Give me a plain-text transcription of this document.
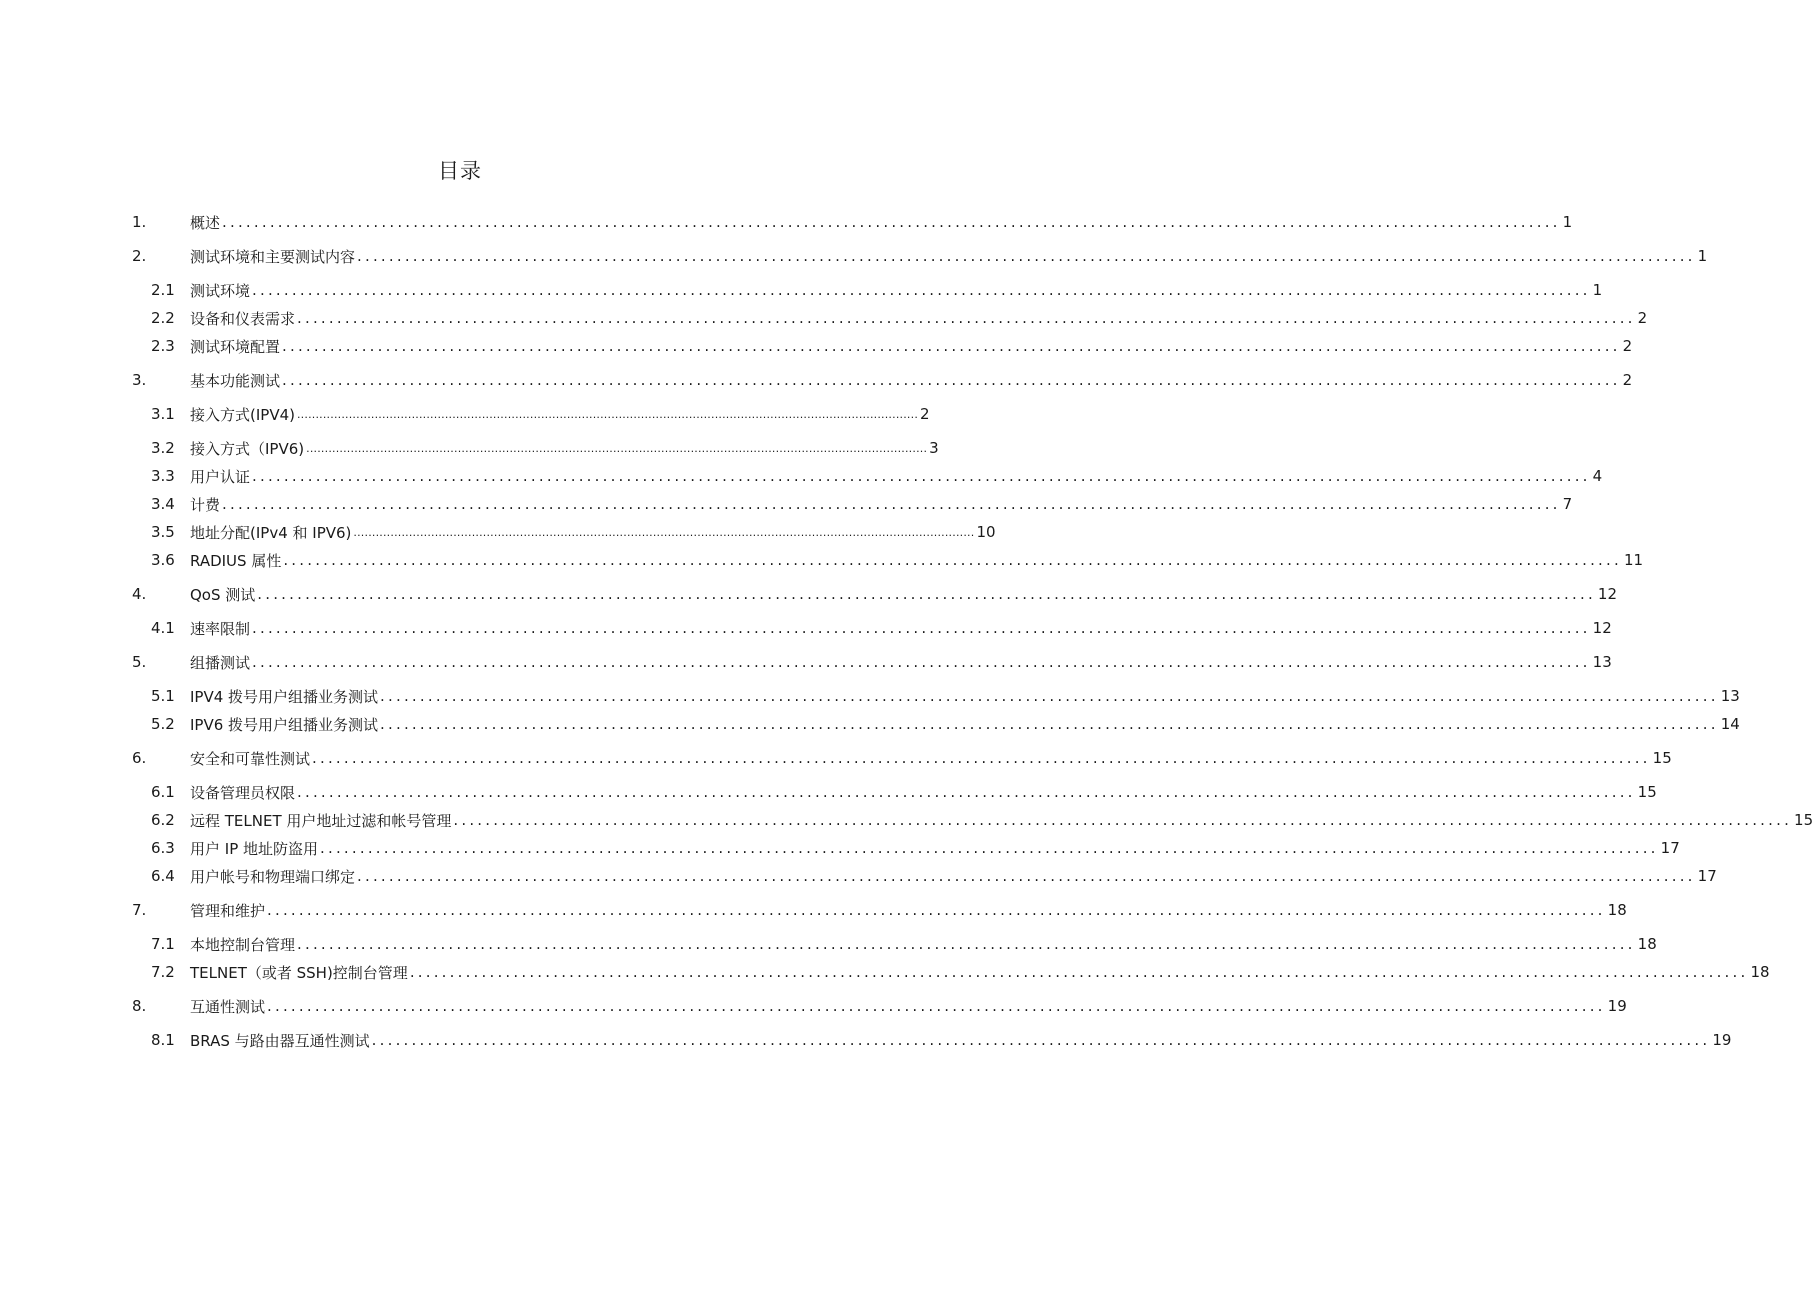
目录
1.	概述 ........................................................................................................................................................................ 1
2.	测试环境和主要测试内容 ........................................................................................................................................................................ 1
2.1 测试环境 ........................................................................................................................................................................ 1
2.2 设备和仪表需求 ........................................................................................................................................................................ 2
2.3 测试环境配置 ........................................................................................................................................................................ 2
3.	基本功能测试 ........................................................................................................................................................................ 2
3.1 接入方式(IPV4) ........................................................................................................................................................................ 2
3.2 接入方式（IPV6) ........................................................................................................................................................................ 3
3.3 用户认证 ........................................................................................................................................................................ 4
3.4 计费 ........................................................................................................................................................................ 7
3.5 地址分配(IPv4 和 IPV6) ........................................................................................................................................................................ 10
3.6 RADIUS 属性 ........................................................................................................................................................................ 11
4.	QoS 测试 ........................................................................................................................................................................ 12
4.1 速率限制 ........................................................................................................................................................................ 12
5.	组播测试 ........................................................................................................................................................................ 13
5.1 IPV4 拨号用户组播业务测试 ........................................................................................................................................................................ 13
5.2 IPV6 拨号用户组播业务测试 ........................................................................................................................................................................ 14
6.	安全和可靠性测试 ........................................................................................................................................................................ 15
6.1 设备管理员权限 ........................................................................................................................................................................ 15
6.2 远程 TELNET 用户地址过滤和帐号管理 ........................................................................................................................................................................ 15
6.3 用户 IP 地址防盗用 ........................................................................................................................................................................ 17
6.4 用户帐号和物理端口绑定 ........................................................................................................................................................................ 17
7.	管理和维护 ........................................................................................................................................................................ 18
7.1 本地控制台管理 ........................................................................................................................................................................ 18
7.2 TELNET（或者 SSH)控制台管理 ........................................................................................................................................................................ 18
8.	互通性测试 ........................................................................................................................................................................ 19
8.1 BRAS 与路由器互通性测试 ........................................................................................................................................................................ 19
